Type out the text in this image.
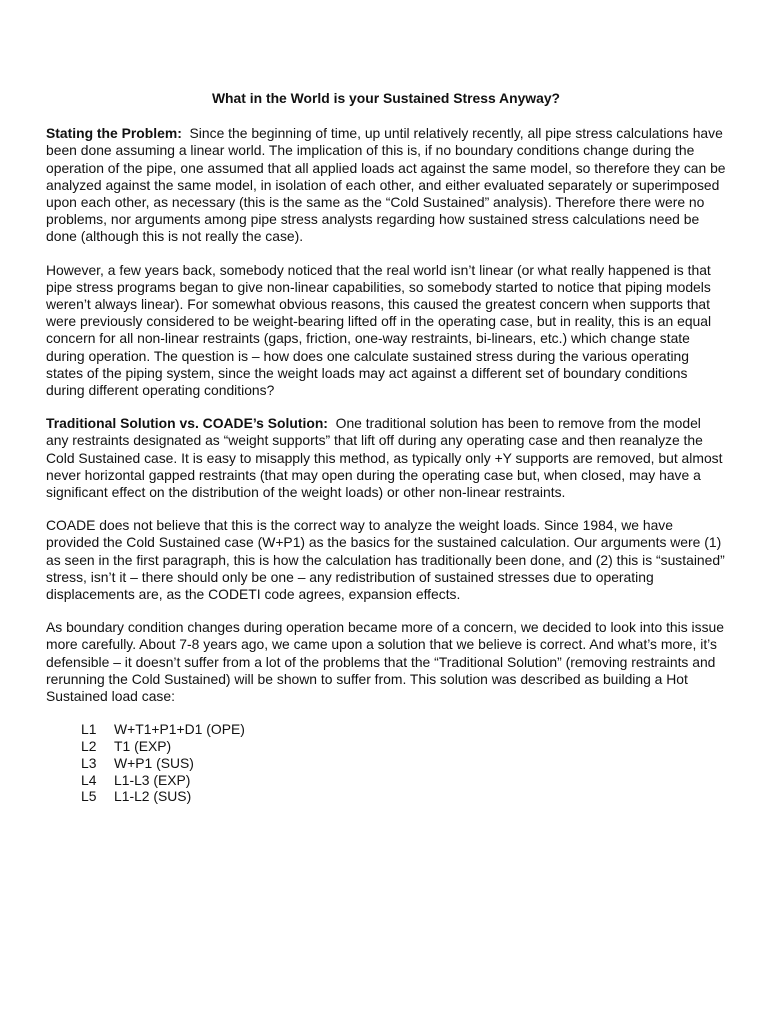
What in the World is your Sustained Stress Anyway?

Stating the Problem: Since the beginning of time, up until relatively recently, all pipe stress calculations have been done assuming a linear world. The implication of this is, if no boundary conditions change during the operation of the pipe, one assumed that all applied loads act against the same model, so therefore they can be analyzed against the same model, in isolation of each other, and either evaluated separately or superimposed upon each other, as necessary (this is the same as the “Cold Sustained” analysis). Therefore there were no problems, nor arguments among pipe stress analysts regarding how sustained stress calculations need be done (although this is not really the case).

However, a few years back, somebody noticed that the real world isn’t linear (or what really happened is that pipe stress programs began to give non-linear capabilities, so somebody started to notice that piping models weren’t always linear). For somewhat obvious reasons, this caused the greatest concern when supports that were previously considered to be weight-bearing lifted off in the operating case, but in reality, this is an equal concern for all non-linear restraints (gaps, friction, one-way restraints, bi-linears, etc.) which change state during operation. The question is – how does one calculate sustained stress during the various operating states of the piping system, since the weight loads may act against a different set of boundary conditions during different operating conditions?

Traditional Solution vs. COADE’s Solution: One traditional solution has been to remove from the model any restraints designated as “weight supports” that lift off during any operating case and then reanalyze the Cold Sustained case. It is easy to misapply this method, as typically only +Y supports are removed, but almost never horizontal gapped restraints (that may open during the operating case but, when closed, may have a significant effect on the distribution of the weight loads) or other non-linear restraints.

COADE does not believe that this is the correct way to analyze the weight loads. Since 1984, we have provided the Cold Sustained case (W+P1) as the basics for the sustained calculation. Our arguments were (1) as seen in the first paragraph, this is how the calculation has traditionally been done, and (2) this is “sustained” stress, isn’t it – there should only be one – any redistribution of sustained stresses due to operating displacements are, as the CODETI code agrees, expansion effects.

As boundary condition changes during operation became more of a concern, we decided to look into this issue more carefully. About 7-8 years ago, we came upon a solution that we believe is correct. And what’s more, it’s defensible – it doesn’t suffer from a lot of the problems that the “Traditional Solution” (removing restraints and rerunning the Cold Sustained) will be shown to suffer from. This solution was described as building a Hot Sustained load case:

L1	W+T1+P1+D1 (OPE)
L2	T1 (EXP)
L3	W+P1 (SUS)
L4	L1-L3 (EXP)
L5	L1-L2 (SUS)
